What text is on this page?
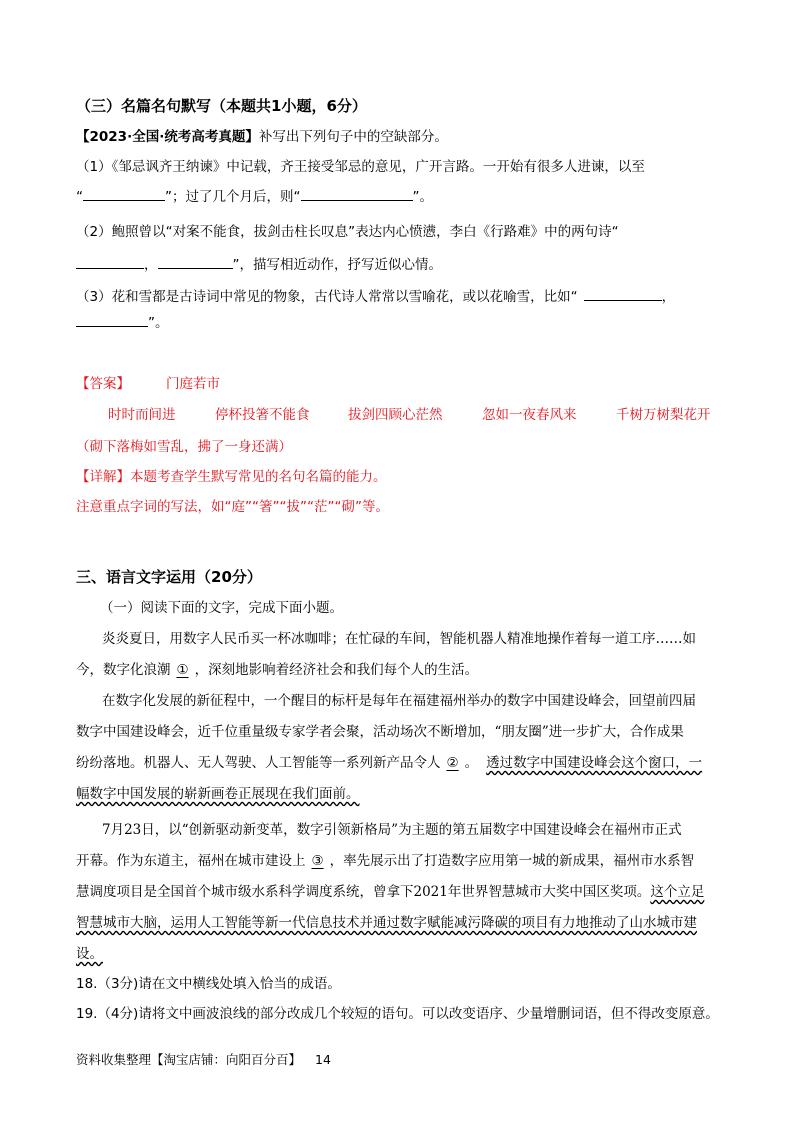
（三）名篇名句默写（本题共1小题，6分）
【2023·全国·统考高考真题】补写出下列句子中的空缺部分。
（1）《邹忌讽齐王纳谏》中记载，齐王接受邹忌的意见，广开言路。一开始有很多人进谏，以至
“	”；过了几个月后，则“	”。
（2）鲍照曾以“对案不能食，拔剑击柱长叹息”表达内心愤懑，李白《行路难》中的两句诗“
，	”，描写相近动作，抒写近似心情。
（3）花和雪都是古诗词中常见的物象，古代诗人常常以雪喻花，或以花喻雪，比如“	，
”。
【答案】	门庭若市
时时而间进	停杯投箸不能食	拔剑四顾心茫然	忽如一夜春风来	千树万树梨花开
（砌下落梅如雪乱，拂了一身还满）
【详解】本题考查学生默写常见的名句名篇的能力。
注意重点字词的写法，如“庭”“箸”“拔”“茫”“砌”等。
三、语言文字运用（20分）
（一）阅读下面的文字，完成下面小题。
炎炎夏日，用数字人民币买一杯冰咖啡；在忙碌的车间，智能机器人精准地操作着每一道工序……如
今，数字化浪潮 ① ，深刻地影响着经济社会和我们每个人的生活。
在数字化发展的新征程中，一个醒目的标杆是每年在福建福州举办的数字中国建设峰会，回望前四届
数字中国建设峰会，近千位重量级专家学者会聚，活动场次不断增加，“朋友圈”进一步扩大，合作成果
纷纷落地。机器人、无人驾驶、人工智能等一系列新产品令人 ② 。 透过数字中国建设峰会这个窗口，一
幅数字中国发展的崭新画卷正展现在我们面前。
7月23日，以“创新驱动新变革，数字引领新格局”为主题的第五届数字中国建设峰会在福州市正式
开幕。作为东道主，福州在城市建设上 ③ ，率先展示出了打造数字应用第一城的新成果，福州市水系智
慧调度项目是全国首个城市级水系科学调度系统，曾拿下2021年世界智慧城市大奖中国区奖项。这个立足
智慧城市大脑，运用人工智能等新一代信息技术并通过数字赋能减污降碳的项目有力地推动了山水城市建
设。
18.（3分)请在文中横线处填入恰当的成语。
19.（4分)请将文中画波浪线的部分改成几个较短的语句。可以改变语序、少量增删词语，但不得改变原意。
资料收集整理【淘宝店铺：向阳百分百】 14
